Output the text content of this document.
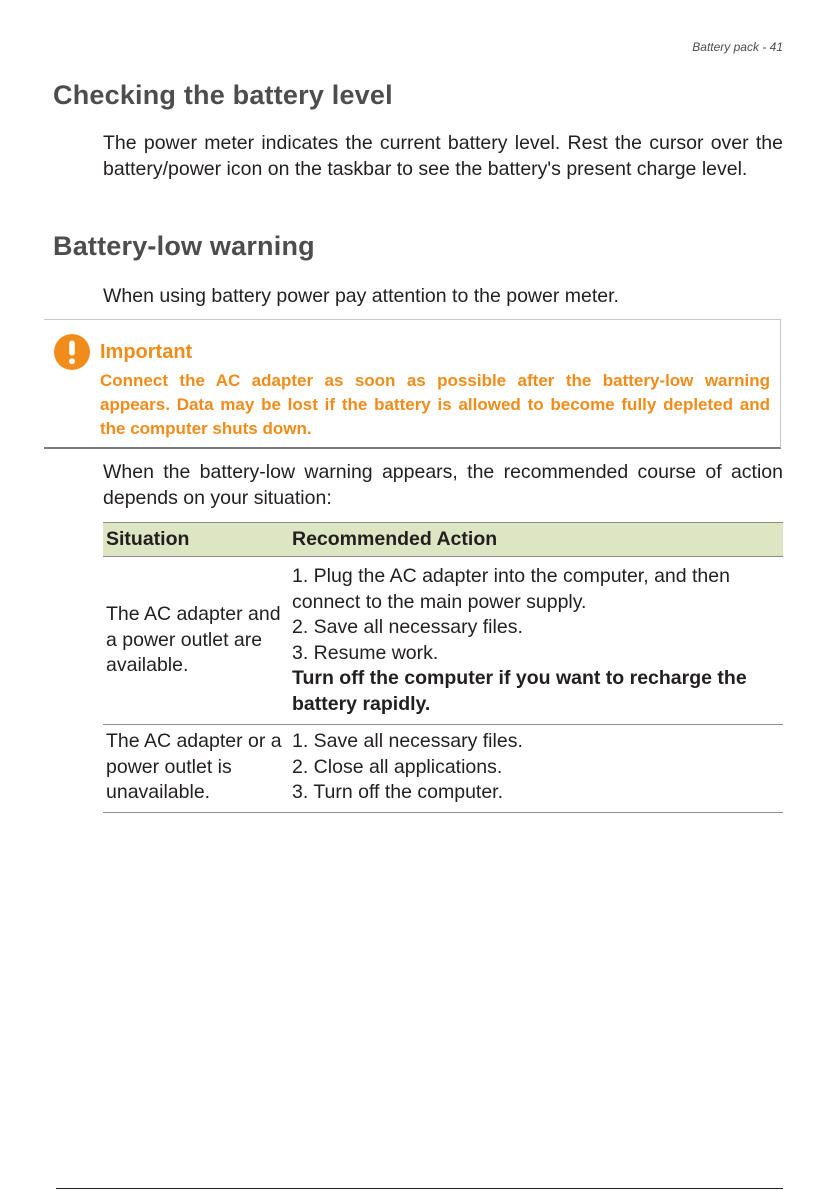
Battery pack - 41
Checking the battery level

The power meter indicates the current battery level. Rest the cursor over the battery/power icon on the taskbar to see the battery's present charge level.

Battery-low warning

When using battery power pay attention to the power meter.

Important

Connect the AC adapter as soon as possible after the battery-low warning appears. Data may be lost if the battery is allowed to become fully depleted and the computer shuts down.

When the battery-low warning appears, the recommended course of action depends on your situation:

Situation	Recommended Action
The AC adapter and a power outlet are available.	1. Plug the AC adapter into the computer, and then connect to the main power supply.
2. Save all necessary files.
3. Resume work.
Turn off the computer if you want to recharge the battery rapidly.

The AC adapter or a power outlet is unavailable.	1. Save all necessary files.
2. Close all applications.
3. Turn off the computer.
